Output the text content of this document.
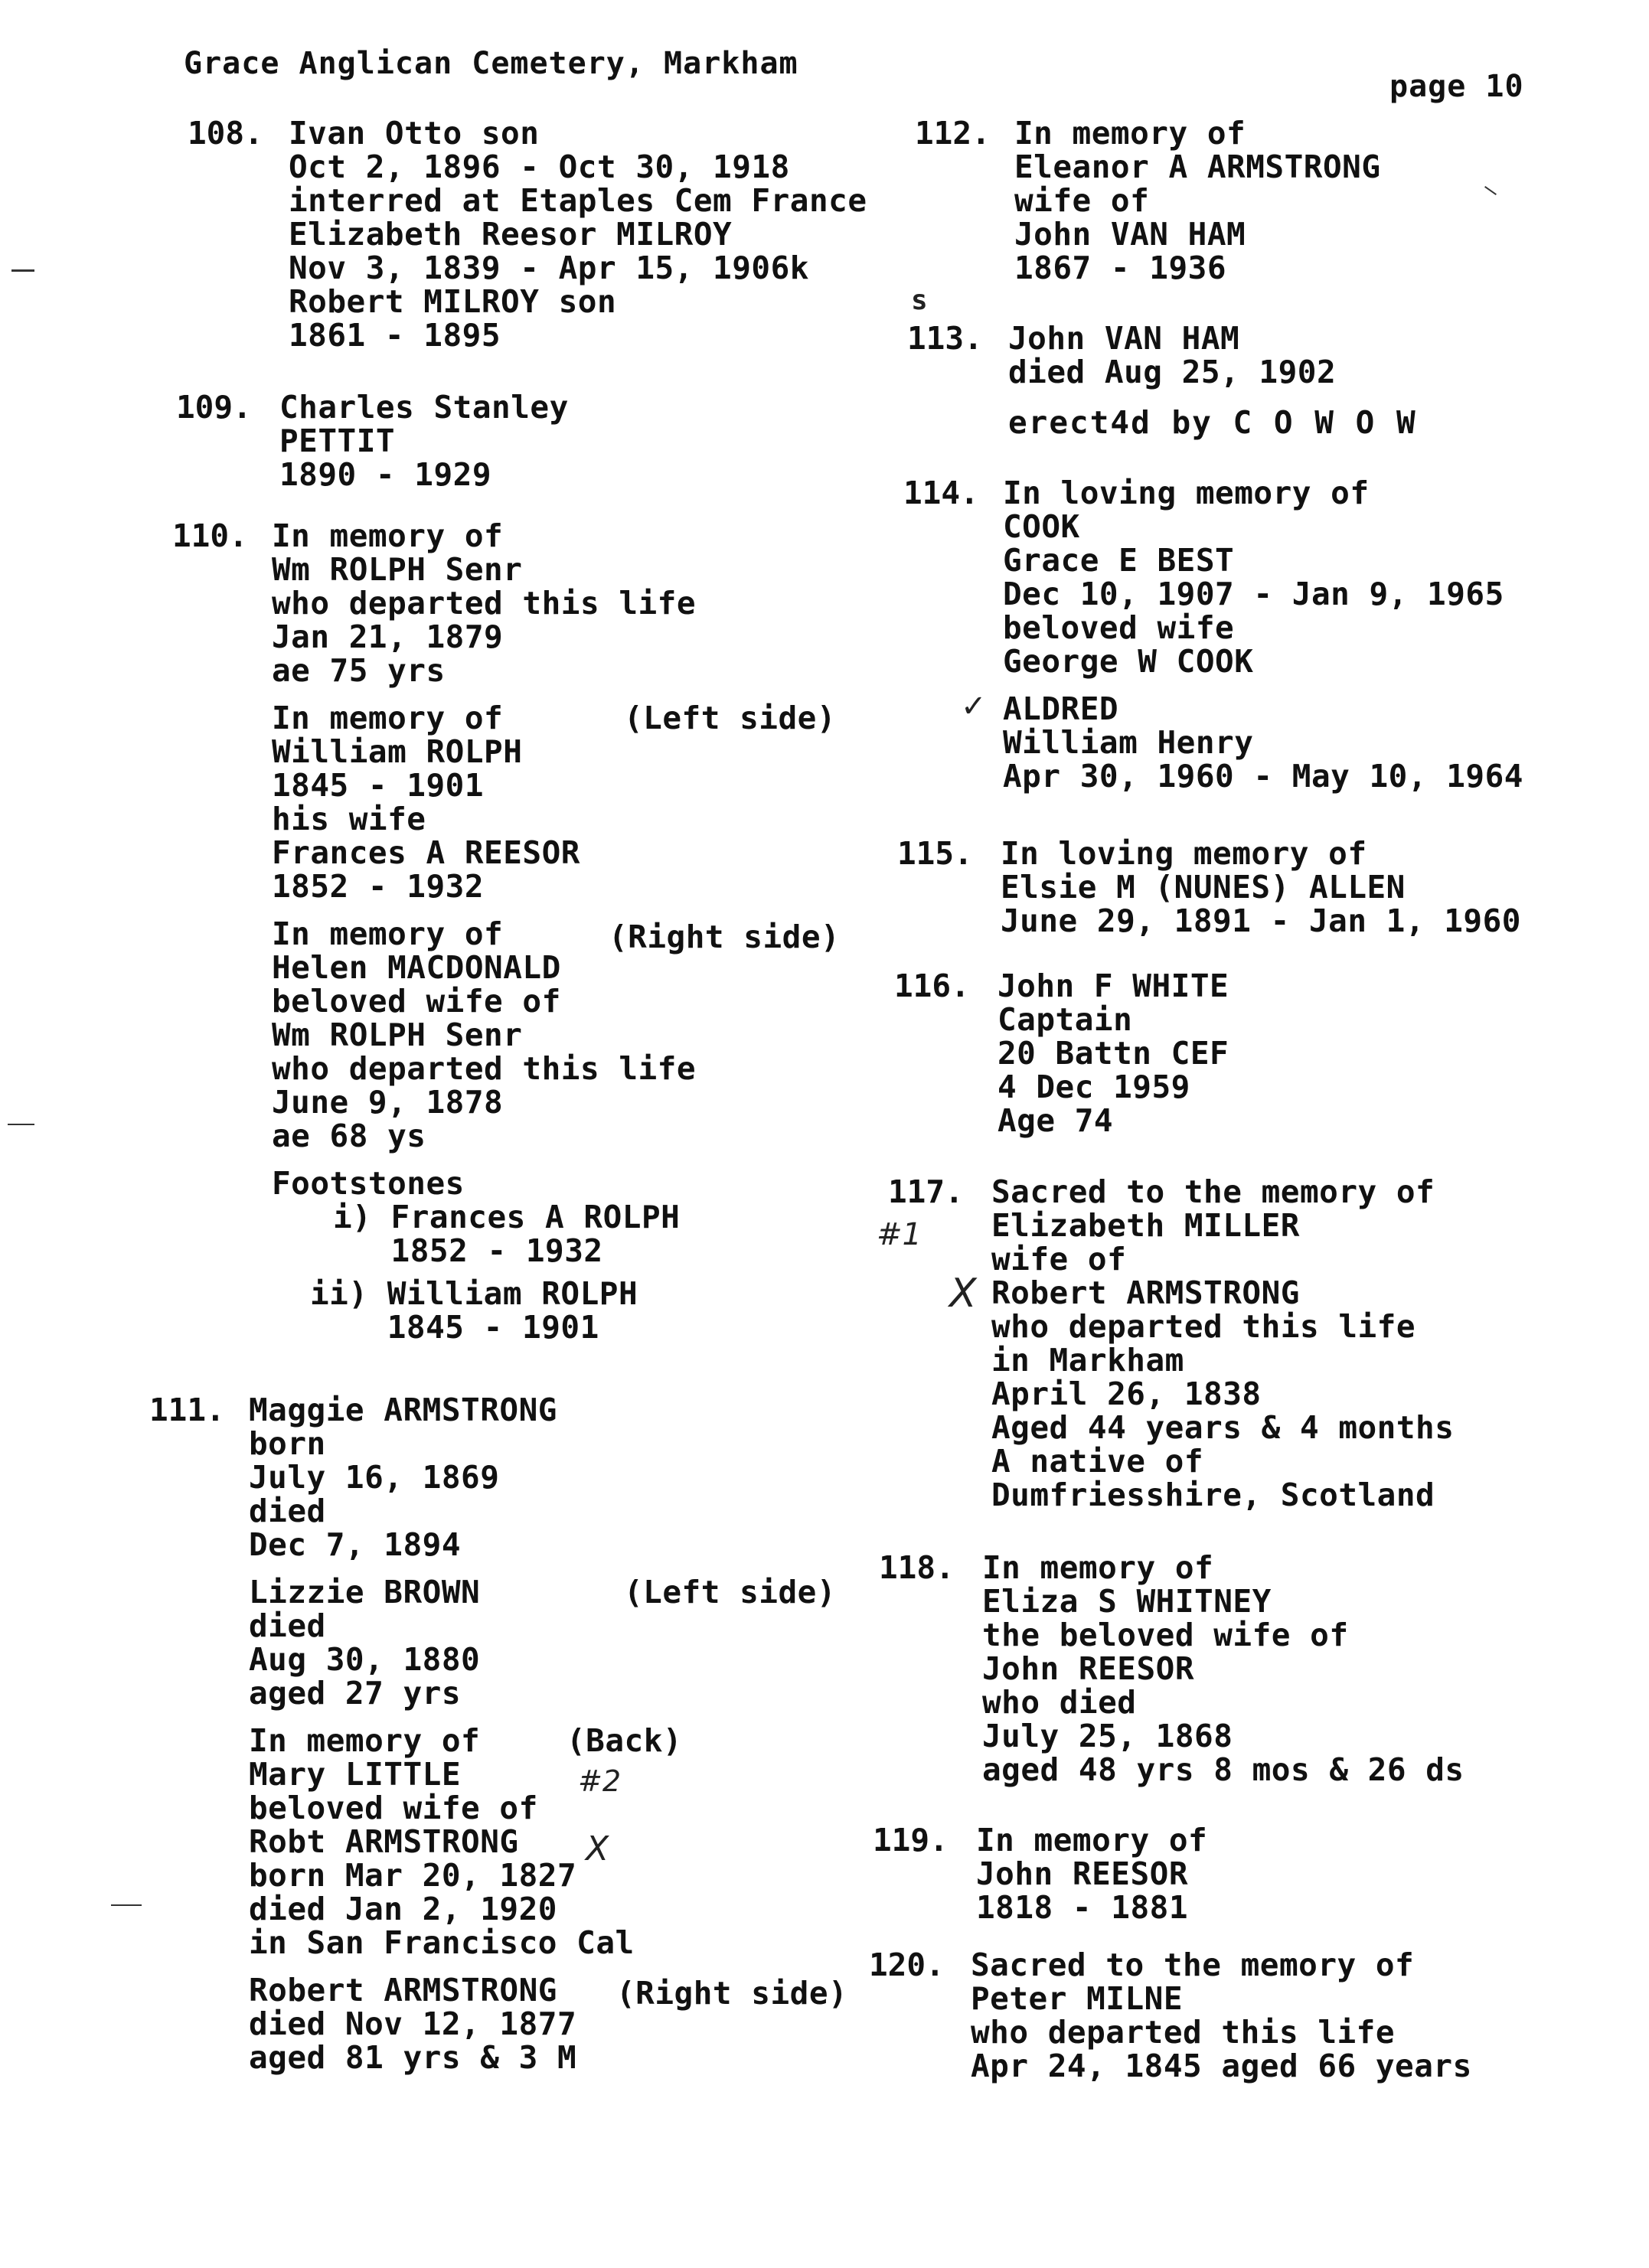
Grace Anglican Cemetery, Markham
page 10
108. Ivan Otto son
Oct 2, 1896 - Oct 30, 1918
interred at Etaples Cem France
Elizabeth Reesor MILROY
Nov 3, 1839 - Apr 15, 1906k
Robert MILROY son
1861 - 1895
109. Charles Stanley
PETTIT
1890 - 1929
110. In memory of
Wm ROLPH Senr
who departed this life
Jan 21, 1879
ae 75 yrs
In memory of
William ROLPH
1845 - 1901
his wife
Frances A REESOR
1852 - 1932
(Left side)
In memory of
Helen MACDONALD
beloved wife of
Wm ROLPH Senr
who departed this life
June 9, 1878
ae 68 ys
(Right side)
Footstones
i) Frances A ROLPH
1852 - 1932
ii) William ROLPH
1845 - 1901
111. Maggie ARMSTRONG
born
July 16, 1869
died
Dec 7, 1894
Lizzie BROWN
died
Aug 30, 1880
aged 27 yrs
(Left side)
In memory of
Mary LITTLE
beloved wife of
Robt ARMSTRONG
born Mar 20, 1827
died Jan 2, 1920
in San Francisco Cal
(Back)
Robert ARMSTRONG
died Nov 12, 1877
aged 81 yrs & 3 M
(Right side)
112. In memory of
Eleanor A ARMSTRONG
wife of
John VAN HAM
1867 - 1936
s
113. John VAN HAM
died Aug 25, 1902
erect4d by C O W O W
114. In loving memory of
COOK
Grace E BEST
Dec 10, 1907 - Jan 9, 1965
beloved wife
George W COOK
ALDRED
William Henry
Apr 30, 1960 - May 10, 1964
115. In loving memory of
Elsie M (NUNES) ALLEN
June 29, 1891 - Jan 1, 1960
116. John F WHITE
Captain
20 Battn CEF
4 Dec 1959
Age 74
117. Sacred to the memory of
Elizabeth MILLER
wife of
Robert ARMSTRONG
who departed this life
in Markham
April 26, 1838
Aged 44 years & 4 months
A native of
Dumfriesshire, Scotland
118. In memory of
Eliza S WHITNEY
the beloved wife of
John REESOR
who died
July 25, 1868
aged 48 yrs 8 mos & 26 ds
119. In memory of
John REESOR
1818 - 1881
120. Sacred to the memory of
Peter MILNE
who departed this life
Apr 24, 1845 aged 66 years
#1
X
✓
#2
X
